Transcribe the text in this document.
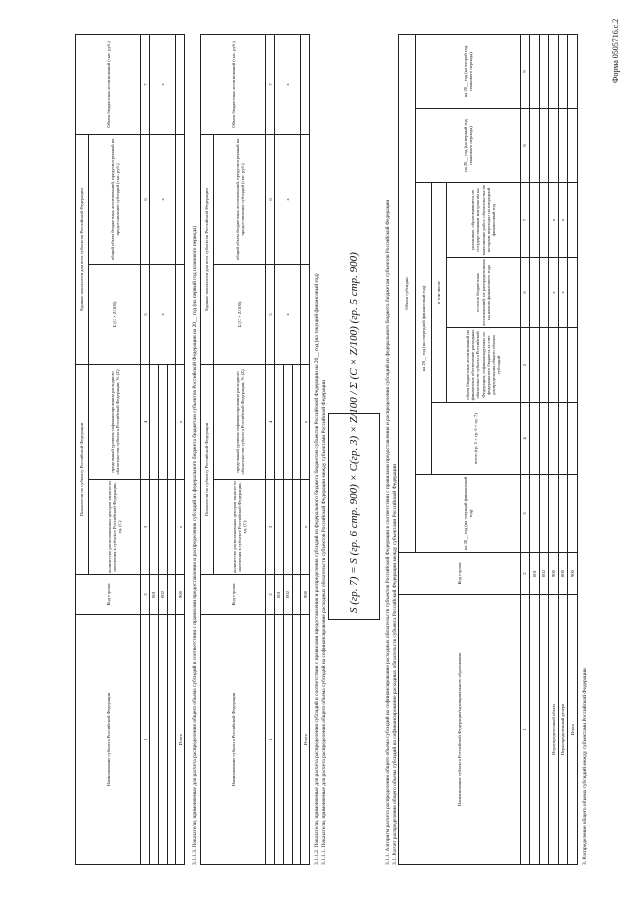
Форма 0505716.с.2
3. Распределение общего объема субсидий между субъектами Российской Федерации
Наименование субъекта Российской Федерации/муниципального образования	Код строки	Объем субсидии						
		на 20__ год (на текущий финансовый год)	на 20__ год (на очередной финансовый год)				на 20__ год (на первый год планового периода)	на 20__ год (на второй год планового периода)
			всего (гр. 5 + гр. 6 + гр. 7)	в том числе				
				объем бюджетных ассигнований на финансовое обеспечение расходных обязательств субъекта Российской Федерации, софинансируемых из федерального бюджета за счет распределения общего объема субсидий	остаток бюджетных ассигнований, не распределенных на начало финансового года	указанные, образовавшиеся по государственным контрактам на выполнение работ, обязательства по которым переходят на очередной финансовый год		
1	2	3	4	5	6	7	8	9
	001							
	002							
Нераспределенный объем	900				x	x		
Нераспределенный резерв	800				x	x		
Итого	900							
3.1. Расчет распределения общего объема субсидий на софинансирование расходных обязательств субъекта Российской Федерации между субъектами Российской Федерации
3.1.1. Алгоритм расчета распределения общего объема субсидий на софинансирование расходных обязательств субъектов Российской Федерации в соответствии с правилами предоставления и распределения субсидий из федерального бюджета бюджетам субъектов Российской Федерации
S (гр. 7) = S (гр. 6 стр. 900) × C(гр. 3) × Z/100 / Σ (C × Z/100) (гр. 5 стр. 900)
3.1.1.1. Показатели, применяемые для расчета распределения общего объема субсидий на софинансирование расходных обязательств субъектов Российской Федерации между субъектами Российской Федерации
3.1.1.2. Показатели, применяемые для расчета распределения субсидий в соответствии с правилами предоставления и распределения субсидий из федерального бюджета бюджетам субъектов Российской Федерации на 20__ год (на текущий финансовый год)
Наименование субъекта Российской Федерации	Код строки	Показатели по субъекту Российской Федерации		Единые показатели для всех субъектов Российской Федерации		Объем бюджетных ассигнований (тыс. руб.)
		количество расположенных центров занятости населения в субъекте Российской Федерации, ед. (С)	предельный уровень софинансирования расходного обязательства субъекта Российской Федерации, % (Z)	Σ (C × Z/100)	общий объем бюджетных ассигнований, предусмотренный на предоставление субсидий (тыс. руб.)	
1	2	3	4	5	6	7
	001			x	x	x
	002					

Итого	900	x	x			
3.1.1.3. Показатели, применяемые для расчета распределения общего объема субсидий в соответствии с правилами предоставления и распределения субсидий из федерального бюджета бюджетам субъектов Российской Федерации на 20__ год (на первый год планового периода)
Наименование субъекта Российской Федерации	Код строки	Показатели по субъекту Российской Федерации		Единые показатели для всех субъектов Российской Федерации		Объем бюджетных ассигнований (тыс. руб.)
		количество расположенных центров занятости населения в субъекте Российской Федерации, ед. (С)	предельный уровень софинансирования расходного обязательства субъекта Российской Федерации, % (Z)	Σ (C × Z/100)	общий объем бюджетных ассигнований, предусмотренный на предоставление субсидий (тыс. руб.)	
1	2	3	4	5	6	7
	001			x	x	x
	002					

Итого	900	x	x			
